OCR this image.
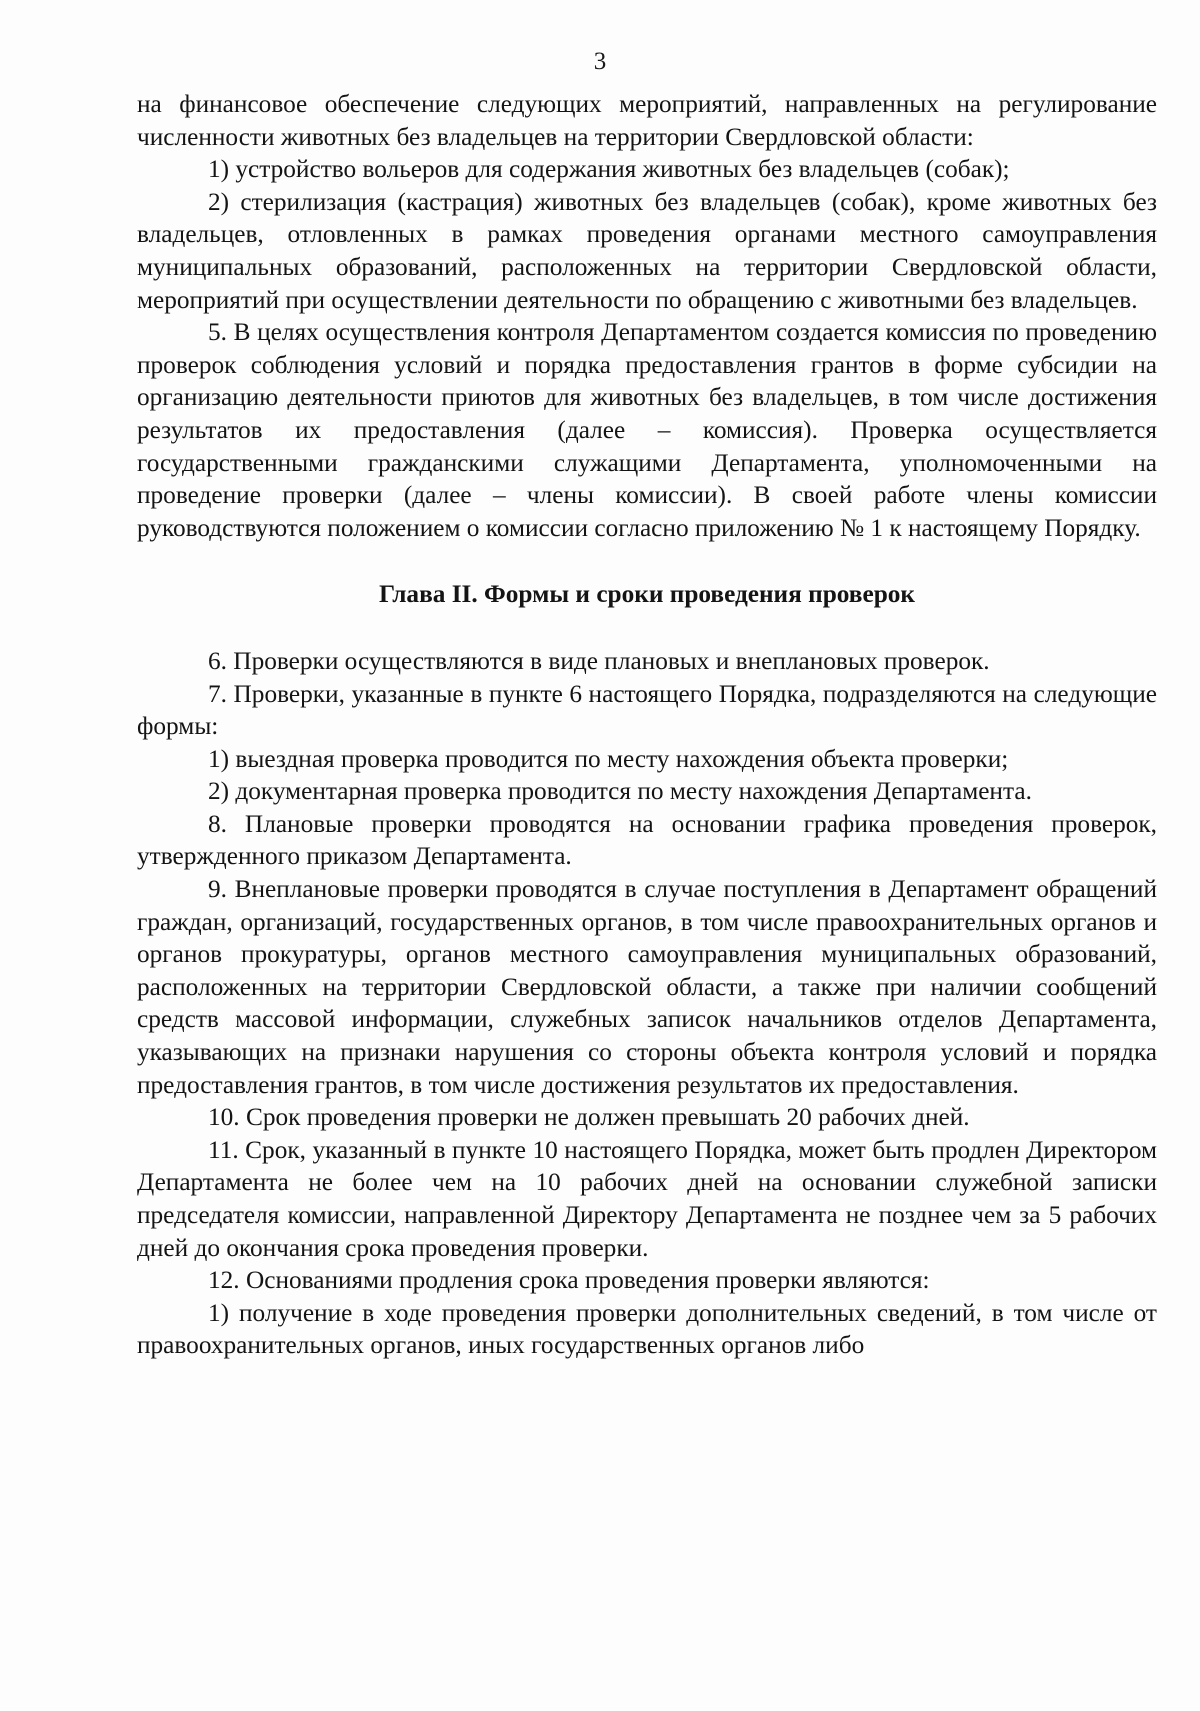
3

на финансовое обеспечение следующих мероприятий, направленных на регулирование численности животных без владельцев на территории Свердловской области:

1) устройство вольеров для содержания животных без владельцев (собак);

2) стерилизация (кастрация) животных без владельцев (собак), кроме животных без владельцев, отловленных в рамках проведения органами местного самоуправления муниципальных образований, расположенных на территории Свердловской области, мероприятий при осуществлении деятельности по обращению с животными без владельцев.

5. В целях осуществления контроля Департаментом создается комиссия по проведению проверок соблюдения условий и порядка предоставления грантов в форме субсидии на организацию деятельности приютов для животных без владельцев, в том числе достижения результатов их предоставления (далее – комиссия). Проверка осуществляется государственными гражданскими служащими Департамента, уполномоченными на проведение проверки (далее – члены комиссии). В своей работе члены комиссии руководствуются положением о комиссии согласно приложению № 1 к настоящему Порядку.

Глава II. Формы и сроки проведения проверок

6. Проверки осуществляются в виде плановых и внеплановых проверок.

7. Проверки, указанные в пункте 6 настоящего Порядка, подразделяются на следующие формы:

1) выездная проверка проводится по месту нахождения объекта проверки;

2) документарная проверка проводится по месту нахождения Департамента.

8. Плановые проверки проводятся на основании графика проведения проверок, утвержденного приказом Департамента.

9. Внеплановые проверки проводятся в случае поступления в Департамент обращений граждан, организаций, государственных органов, в том числе правоохранительных органов и органов прокуратуры, органов местного самоуправления муниципальных образований, расположенных на территории Свердловской области, а также при наличии сообщений средств массовой информации, служебных записок начальников отделов Департамента, указывающих на признаки нарушения со стороны объекта контроля условий и порядка предоставления грантов, в том числе достижения результатов их предоставления.

10. Срок проведения проверки не должен превышать 20 рабочих дней.

11. Срок, указанный в пункте 10 настоящего Порядка, может быть продлен Директором Департамента не более чем на 10 рабочих дней на основании служебной записки председателя комиссии, направленной Директору Департамента не позднее чем за 5 рабочих дней до окончания срока проведения проверки.

12. Основаниями продления срока проведения проверки являются:

1) получение в ходе проведения проверки дополнительных сведений, в том числе от правоохранительных органов, иных государственных органов либо
